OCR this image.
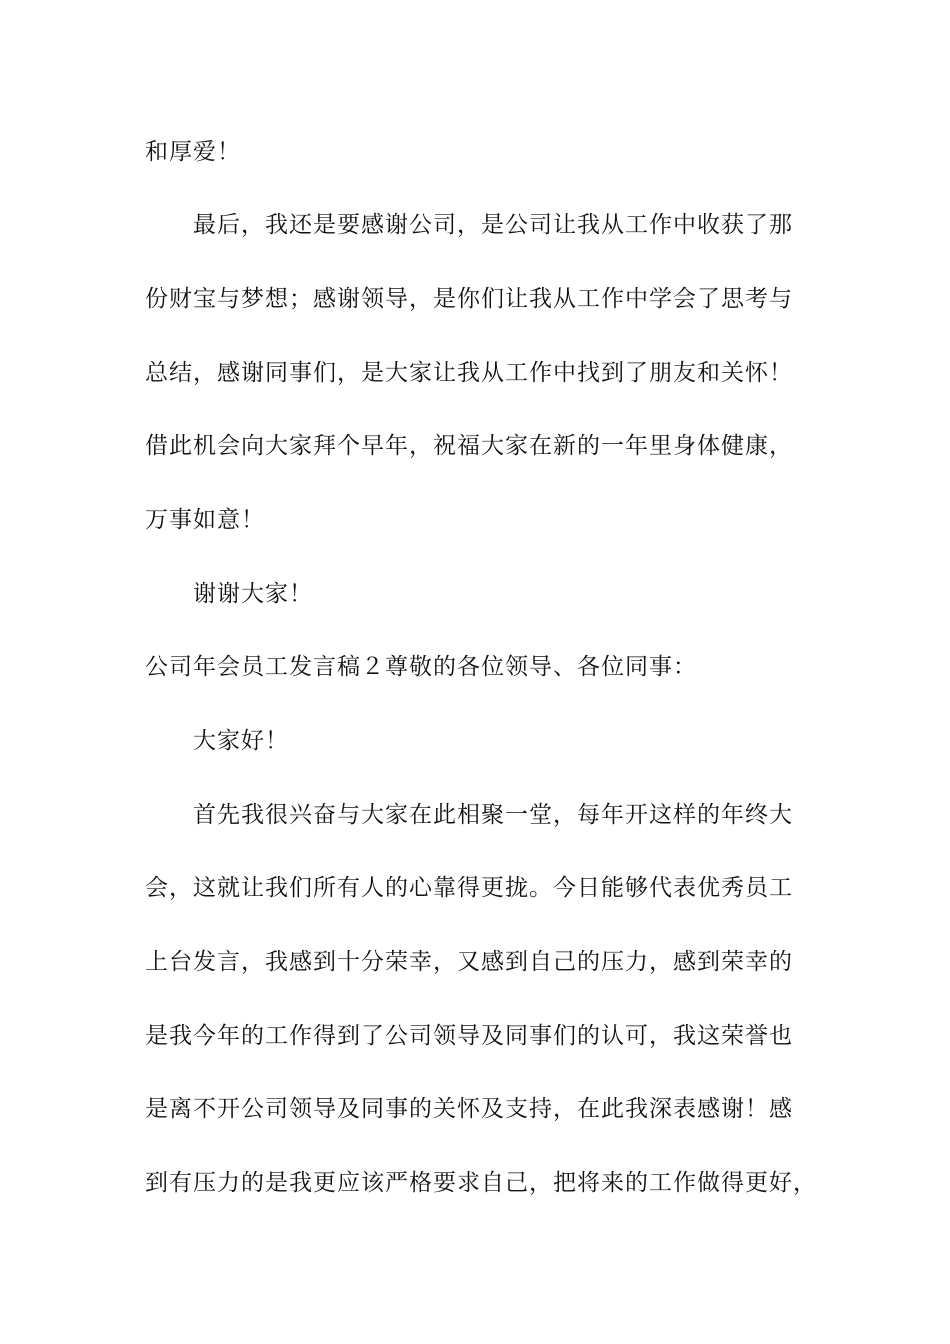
和厚爱！
最后，我还是要感谢公司，是公司让我从工作中收获了那
份财宝与梦想；感谢领导，是你们让我从工作中学会了思考与
总结，感谢同事们，是大家让我从工作中找到了朋友和关怀！
借此机会向大家拜个早年，祝福大家在新的一年里身体健康，
万事如意！
谢谢大家！
公司年会员工发言稿２尊敬的各位领导、各位同事：
大家好！
首先我很兴奋与大家在此相聚一堂，每年开这样的年终大
会，这就让我们所有人的心靠得更拢。今日能够代表优秀员工
上台发言，我感到十分荣幸，又感到自己的压力，感到荣幸的
是我今年的工作得到了公司领导及同事们的认可，我这荣誉也
是离不开公司领导及同事的关怀及支持，在此我深表感谢！感
到有压力的是我更应该严格要求自己，把将来的工作做得更好，
